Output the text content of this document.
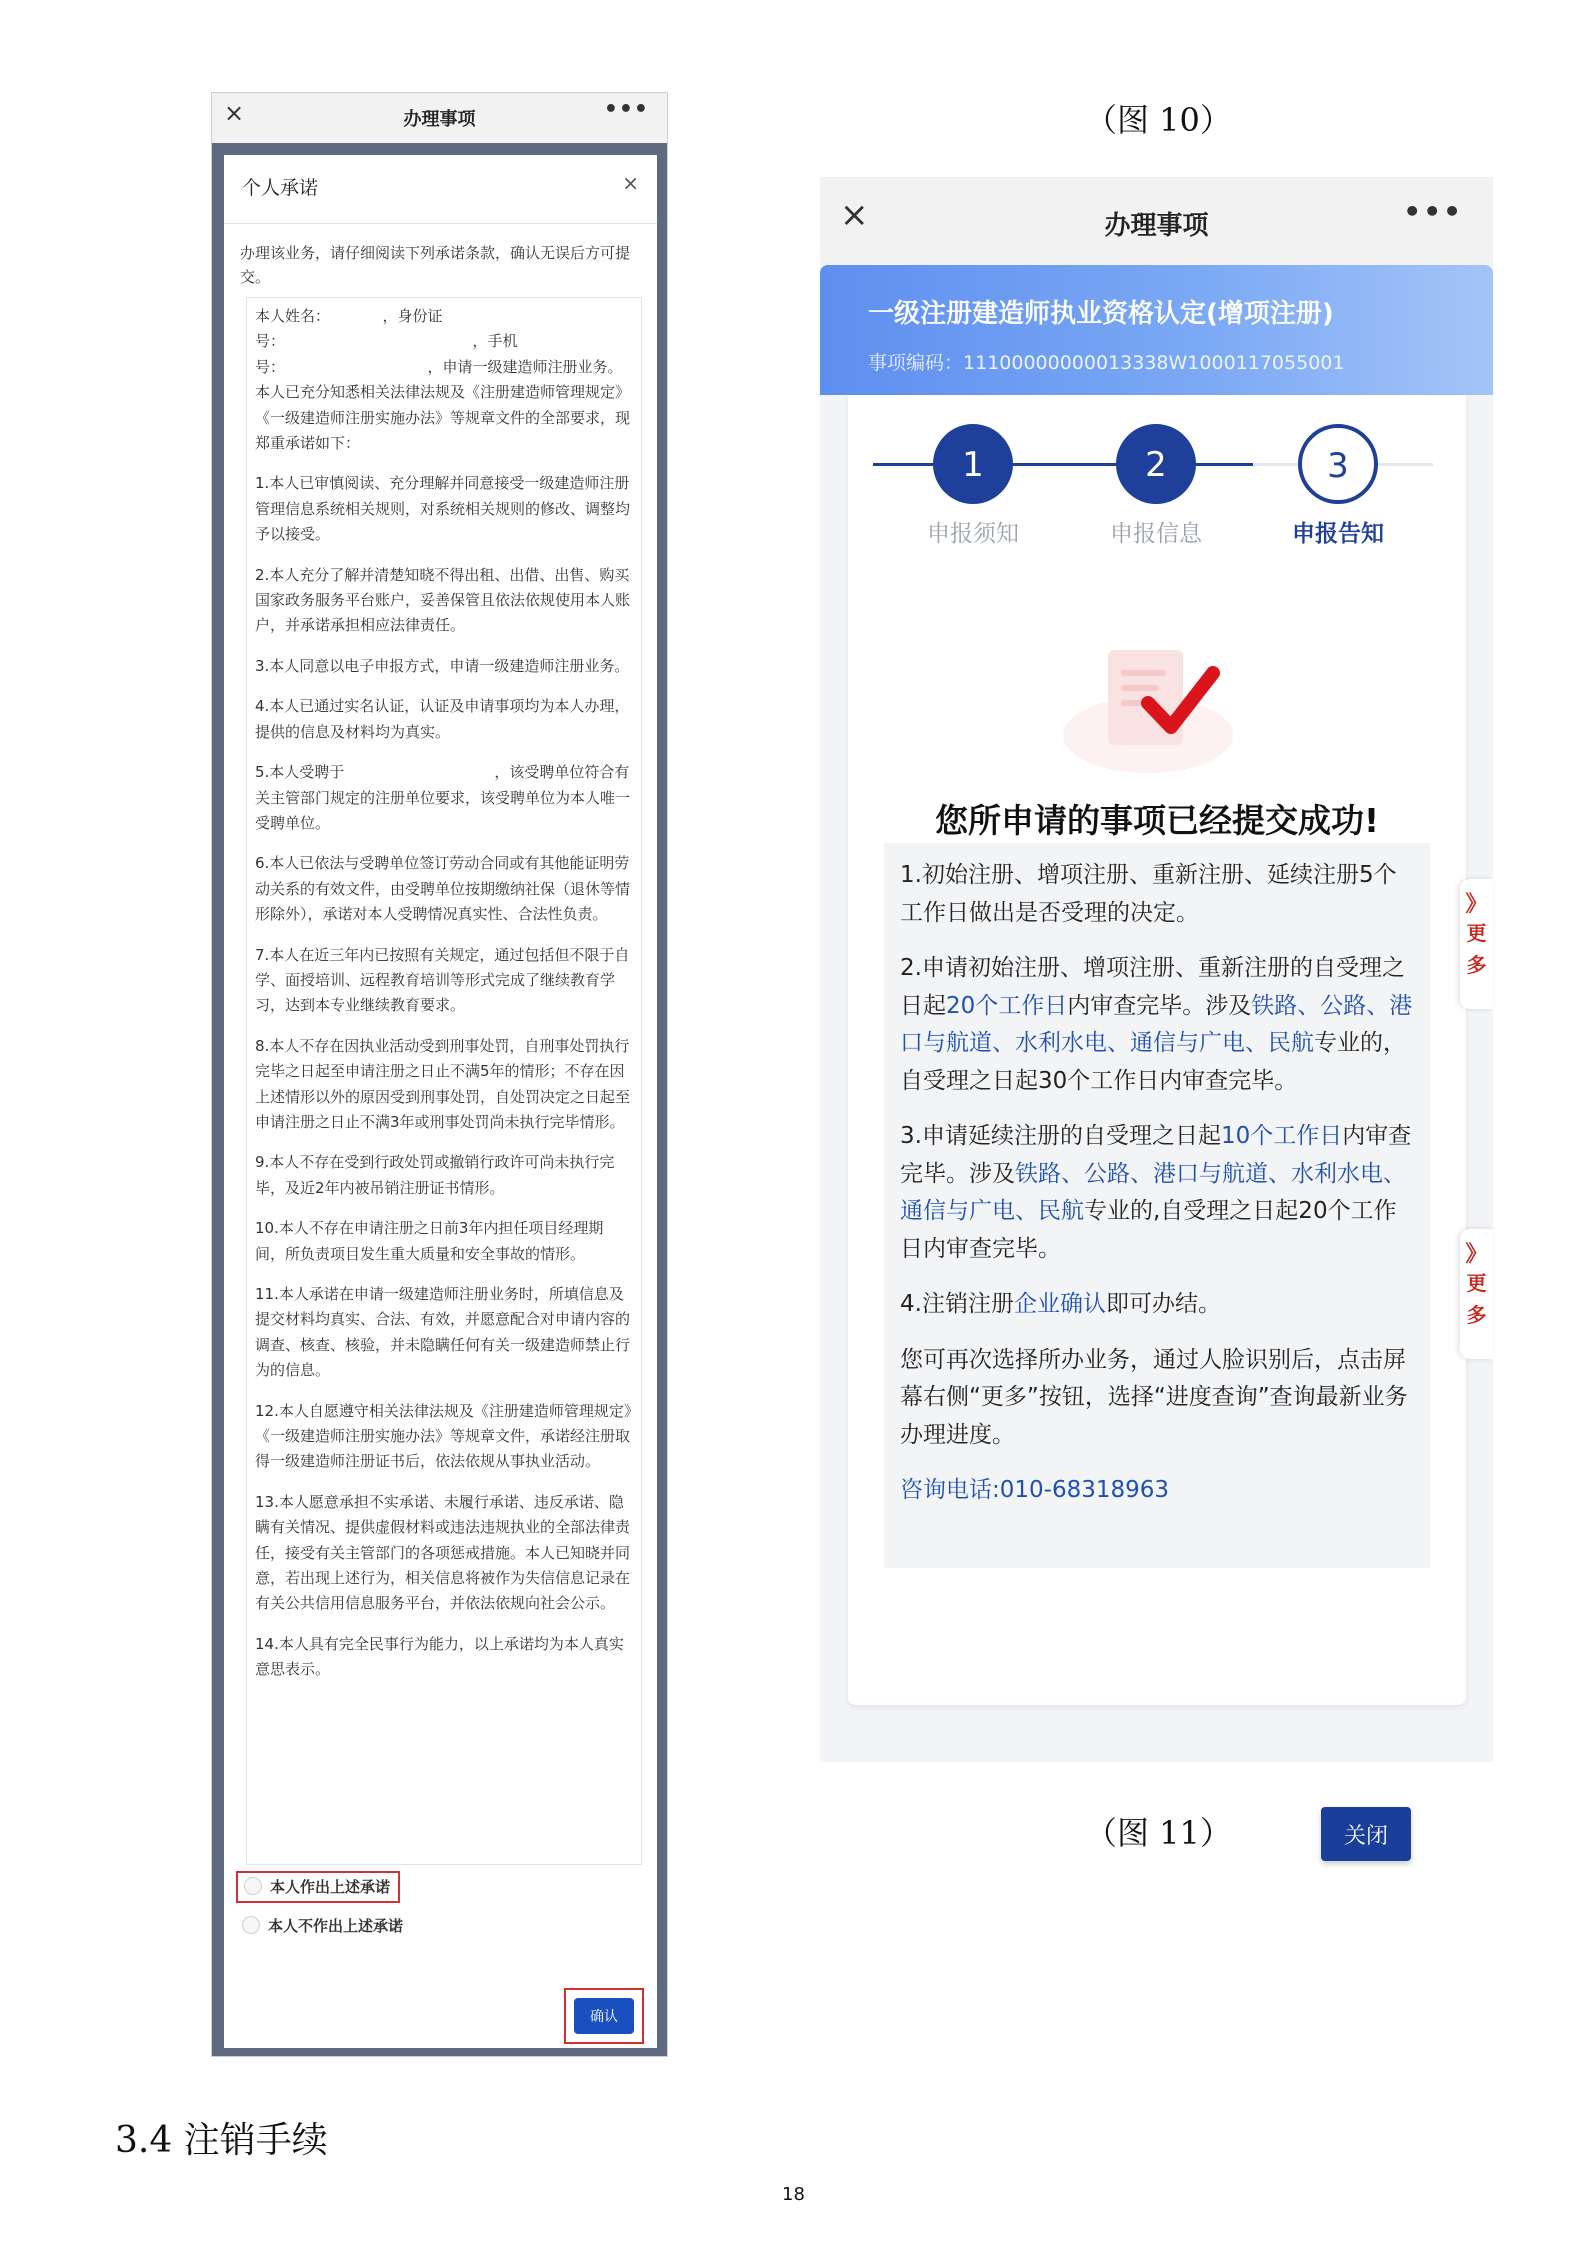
×	办理事项	•••
个人承诺	×
办理该业务，请仔细阅读下列承诺条款，确认无误后方可提交。

本人姓名：　　　　，身份证号：　　　　　　　　　　　　　，手机号：　　　　　　　　　　，申请一级建造师注册业务。本人已充分知悉相关法律法规及《注册建造师管理规定》《一级建造师注册实施办法》等规章文件的全部要求，现郑重承诺如下：

1.本人已审慎阅读、充分理解并同意接受一级建造师注册管理信息系统相关规则，对系统相关规则的修改、调整均予以接受。

2.本人充分了解并清楚知晓不得出租、出借、出售、购买国家政务服务平台账户，妥善保管且依法依规使用本人账户，并承诺承担相应法律责任。

3.本人同意以电子申报方式，申请一级建造师注册业务。

4.本人已通过实名认证，认证及申请事项均为本人办理，提供的信息及材料均为真实。

5.本人受聘于　　　　　　　　　　，该受聘单位符合有关主管部门规定的注册单位要求，该受聘单位为本人唯一受聘单位。

6.本人已依法与受聘单位签订劳动合同或有其他能证明劳动关系的有效文件，由受聘单位按期缴纳社保（退休等情形除外），承诺对本人受聘情况真实性、合法性负责。

7.本人在近三年内已按照有关规定，通过包括但不限于自学、面授培训、远程教育培训等形式完成了继续教育学习，达到本专业继续教育要求。

8.本人不存在因执业活动受到刑事处罚，自刑事处罚执行完毕之日起至申请注册之日止不满5年的情形；不存在因上述情形以外的原因受到刑事处罚，自处罚决定之日起至申请注册之日止不满3年或刑事处罚尚未执行完毕情形。

9.本人不存在受到行政处罚或撤销行政许可尚未执行完毕，及近2年内被吊销注册证书情形。

10.本人不存在申请注册之日前3年内担任项目经理期间，所负责项目发生重大质量和安全事故的情形。

11.本人承诺在申请一级建造师注册业务时，所填信息及提交材料均真实、合法、有效，并愿意配合对申请内容的调查、核查、核验，并未隐瞒任何有关一级建造师禁止行为的信息。

12.本人自愿遵守相关法律法规及《注册建造师管理规定》《一级建造师注册实施办法》等规章文件，承诺经注册取得一级建造师注册证书后，依法依规从事执业活动。

13.本人愿意承担不实承诺、未履行承诺、违反承诺、隐瞒有关情况、提供虚假材料或违法违规执业的全部法律责任，接受有关主管部门的各项惩戒措施。本人已知晓并同意，若出现上述行为，相关信息将被作为失信信息记录在有关公共信用信息服务平台，并依法依规向社会公示。

14.本人具有完全民事行为能力，以上承诺均为本人真实意思表示。

本人作出上述承诺
本人不作出上述承诺
确认
（图 10）
（图 11）
×	办理事项	•••
一级注册建造师执业资格认定(增项注册)
事项编码：11100000000013338W1000117055001
1
申报须知
2
申报信息
3
申报告知
您所申请的事项已经提交成功!

1.初始注册、增项注册、重新注册、延续注册5个工作日做出是否受理的决定。

2.申请初始注册、增项注册、重新注册的自受理之日起20个工作日内审查完毕。涉及铁路、公路、港口与航道、水利水电、通信与广电、民航专业的，自受理之日起30个工作日内审查完毕。

3.申请延续注册的自受理之日起10个工作日内审查完毕。涉及铁路、公路、港口与航道、水利水电、通信与广电、民航专业的,自受理之日起20个工作日内审查完毕。

4.注销注册企业确认即可办结。

您可再次选择所办业务，通过人脸识别后，点击屏幕右侧“更多”按钮，选择“进度查询”查询最新业务办理进度。

咨询电话:010-68318963

关闭
》
更
多
》
更
多
3.4 注销手续
18
